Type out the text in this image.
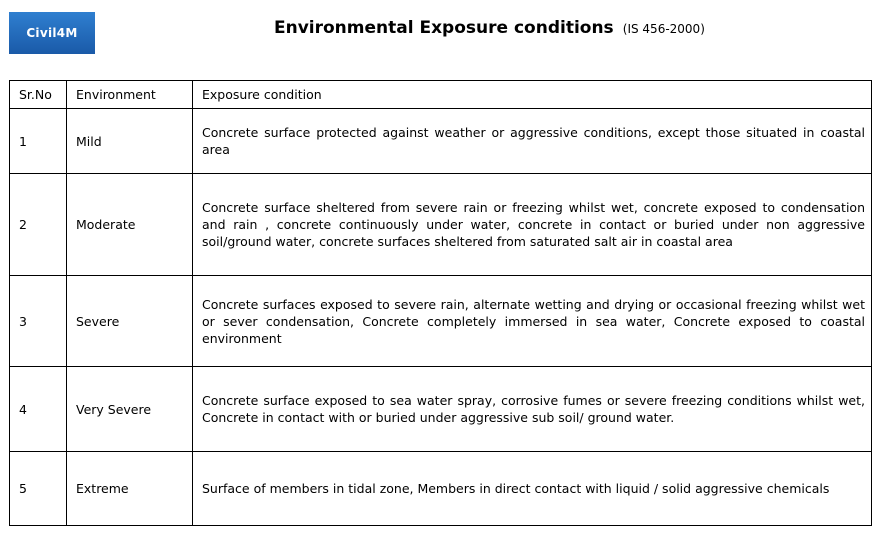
Civil4M	Environmental Exposure conditions (IS 456-2000)
Sr.No	Environment	Exposure condition
1	Mild	Concrete surface protected against weather or aggressive conditions, except those situated in coastal area
2	Moderate	Concrete surface sheltered from severe rain or freezing whilst wet, concrete exposed to condensation and rain , concrete continuously under water, concrete in contact or buried under non aggressive soil/ground water, concrete surfaces sheltered from saturated salt air in coastal area
3	Severe	Concrete surfaces exposed to severe rain, alternate wetting and drying or occasional freezing whilst wet or sever condensation, Concrete completely immersed in sea water, Concrete exposed to coastal environment
4	Very Severe	Concrete surface exposed to sea water spray, corrosive fumes or severe freezing conditions whilst wet, Concrete in contact with or buried under aggressive sub soil/ ground water.
5	Extreme	Surface of members in tidal zone, Members in direct contact with liquid / solid aggressive chemicals
